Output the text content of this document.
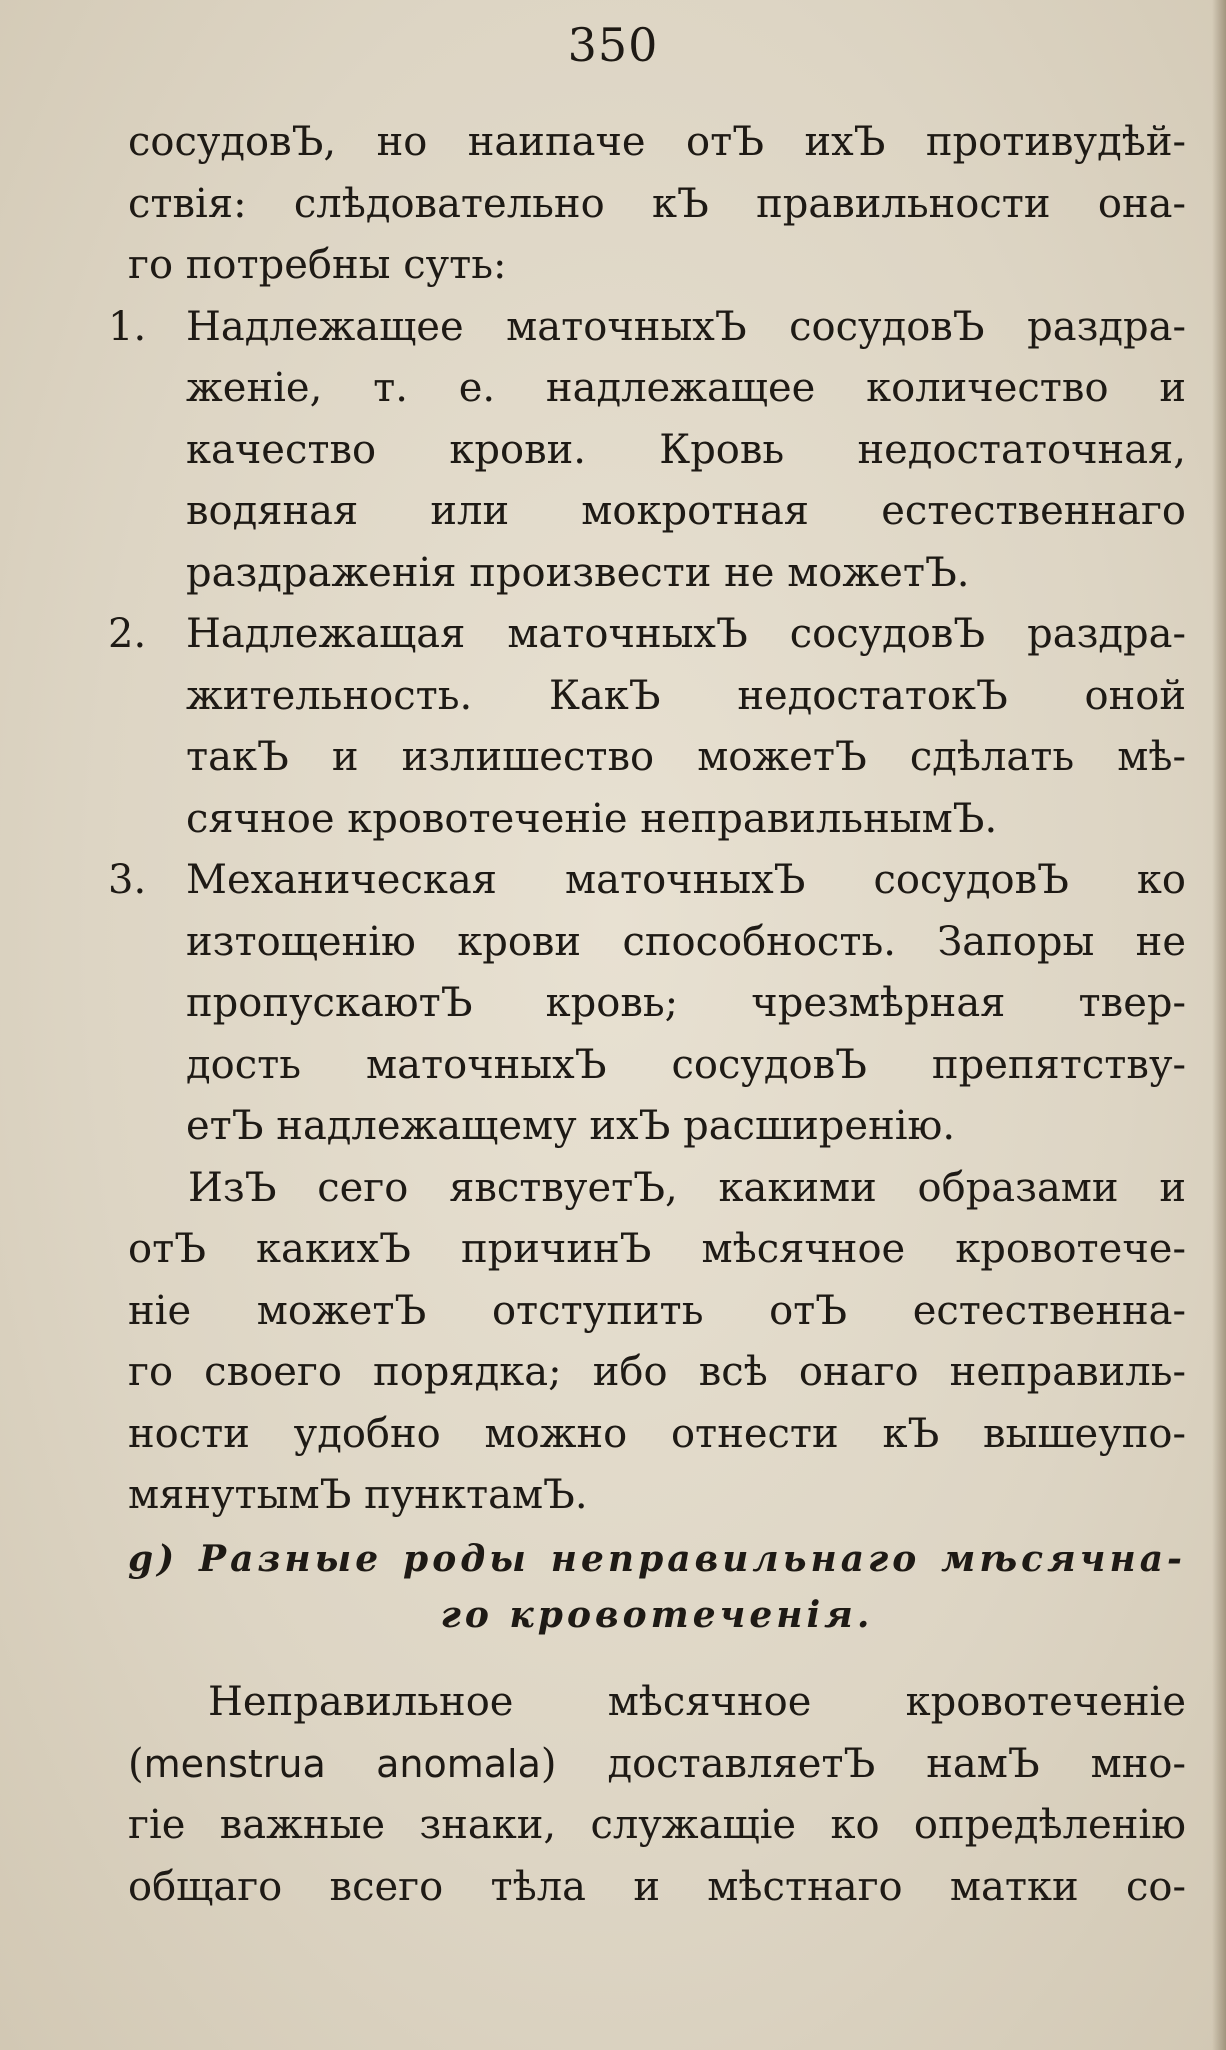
350
сосудовЪ, но наипаче отЪ ихЪ противудѣй-
ствія: слѣдовательно кЪ правильности она-
го потребны суть:
1. Надлежащее маточныхЪ сосудовЪ раздра-
женіе, т. е. надлежащее количество и
качество крови. Кровь недостаточная,
водяная или мокротная естественнаго
раздраженія произвести не можетЪ.
2. Надлежащая маточныхЪ сосудовЪ раздра-
жительность. КакЪ недостатокЪ оной
такЪ и излишество можетЪ сдѣлать мѣ-
сячное кровотеченіе неправильнымЪ.
3. Механическая маточныхЪ сосудовЪ ко
изтощенію крови способность. Запоры не
пропускаютЪ кровь; чрезмѣрная твер-
дость маточныхЪ сосудовЪ препятству-
етЪ надлежащему ихЪ расширенію.
ИзЪ сего явствуетЪ, какими образами и
отЪ какихЪ причинЪ мѣсячное кровотече-
ніе можетЪ отступить отЪ естественна-
го своего порядка; ибо всѣ онаго неправиль-
ности удобно можно отнести кЪ вышеупо-
мянутымЪ пунктамЪ.
g) Разные роды неправильнаго мѣсячна-
го кровотеченія.
Неправильное мѣсячное кровотеченіе
(menstrua anomala) доставляетЪ намЪ мно-
гіе важные знаки, служащіе ко опредѣленію
общаго всего тѣла и мѣстнаго матки со-
